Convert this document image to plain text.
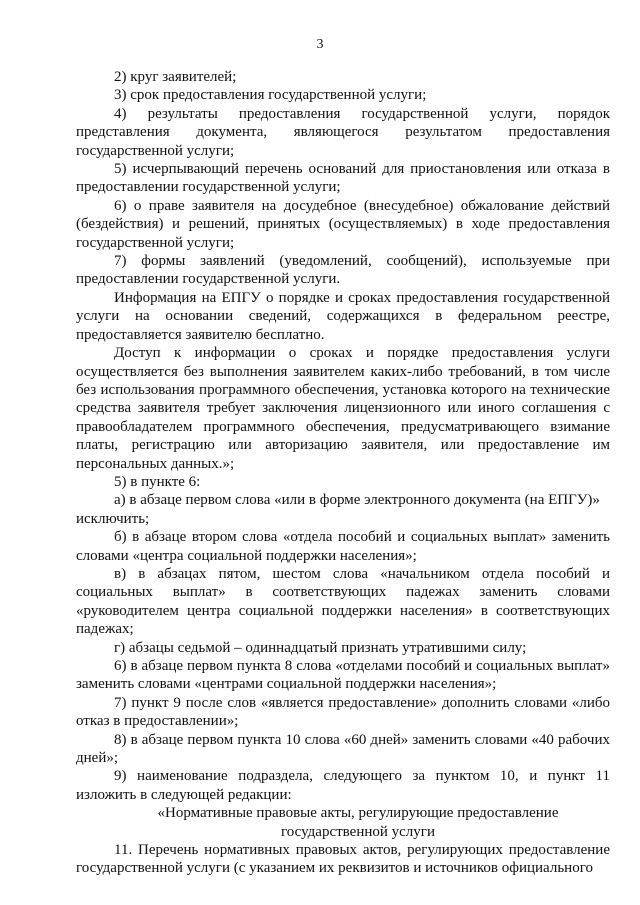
3

2) круг заявителей;

3) срок предоставления государственной услуги;

4) результаты предоставления государственной услуги, порядок представления документа, являющегося результатом предоставления государственной услуги;

5) исчерпывающий перечень оснований для приостановления или отказа в предоставлении государственной услуги;

6) о праве заявителя на досудебное (внесудебное) обжалование действий (бездействия) и решений, принятых (осуществляемых) в ходе предоставления государственной услуги;

7) формы заявлений (уведомлений, сообщений), используемые при предоставлении государственной услуги.

Информация на ЕПГУ о порядке и сроках предоставления государственной услуги на основании сведений, содержащихся в федеральном реестре, предоставляется заявителю бесплатно.

Доступ к информации о сроках и порядке предоставления услуги осуществляется без выполнения заявителем каких-либо требований, в том числе без использования программного обеспечения, установка которого на технические средства заявителя требует заключения лицензионного или иного соглашения с правообладателем программного обеспечения, предусматривающего взимание платы, регистрацию или авторизацию заявителя, или предоставление им персональных данных.»;

5) в пункте 6:

а) в абзаце первом слова «или в форме электронного документа (на ЕПГУ)»

исключить;

б) в абзаце втором слова «отдела пособий и социальных выплат» заменить словами «центра социальной поддержки населения»;

в) в абзацах пятом, шестом слова «начальником отдела пособий и социальных выплат» в соответствующих падежах заменить словами «руководителем центра социальной поддержки населения» в соответствующих падежах;

г) абзацы седьмой – одиннадцатый признать утратившими силу;

6) в абзаце первом пункта 8 слова «отделами пособий и социальных выплат» заменить словами «центрами социальной поддержки населения»;

7) пункт 9 после слов «является предоставление» дополнить словами «либо отказ в предоставлении»;

8) в абзаце первом пункта 10 слова «60 дней» заменить словами «40 рабочих дней»;

9) наименование подраздела, следующего за пунктом 10, и пункт 11 изложить в следующей редакции:

«Нормативные правовые акты, регулирующие предоставление

государственной услуги

11. Перечень нормативных правовых актов, регулирующих предоставление государственной услуги (с указанием их реквизитов и источников официального
